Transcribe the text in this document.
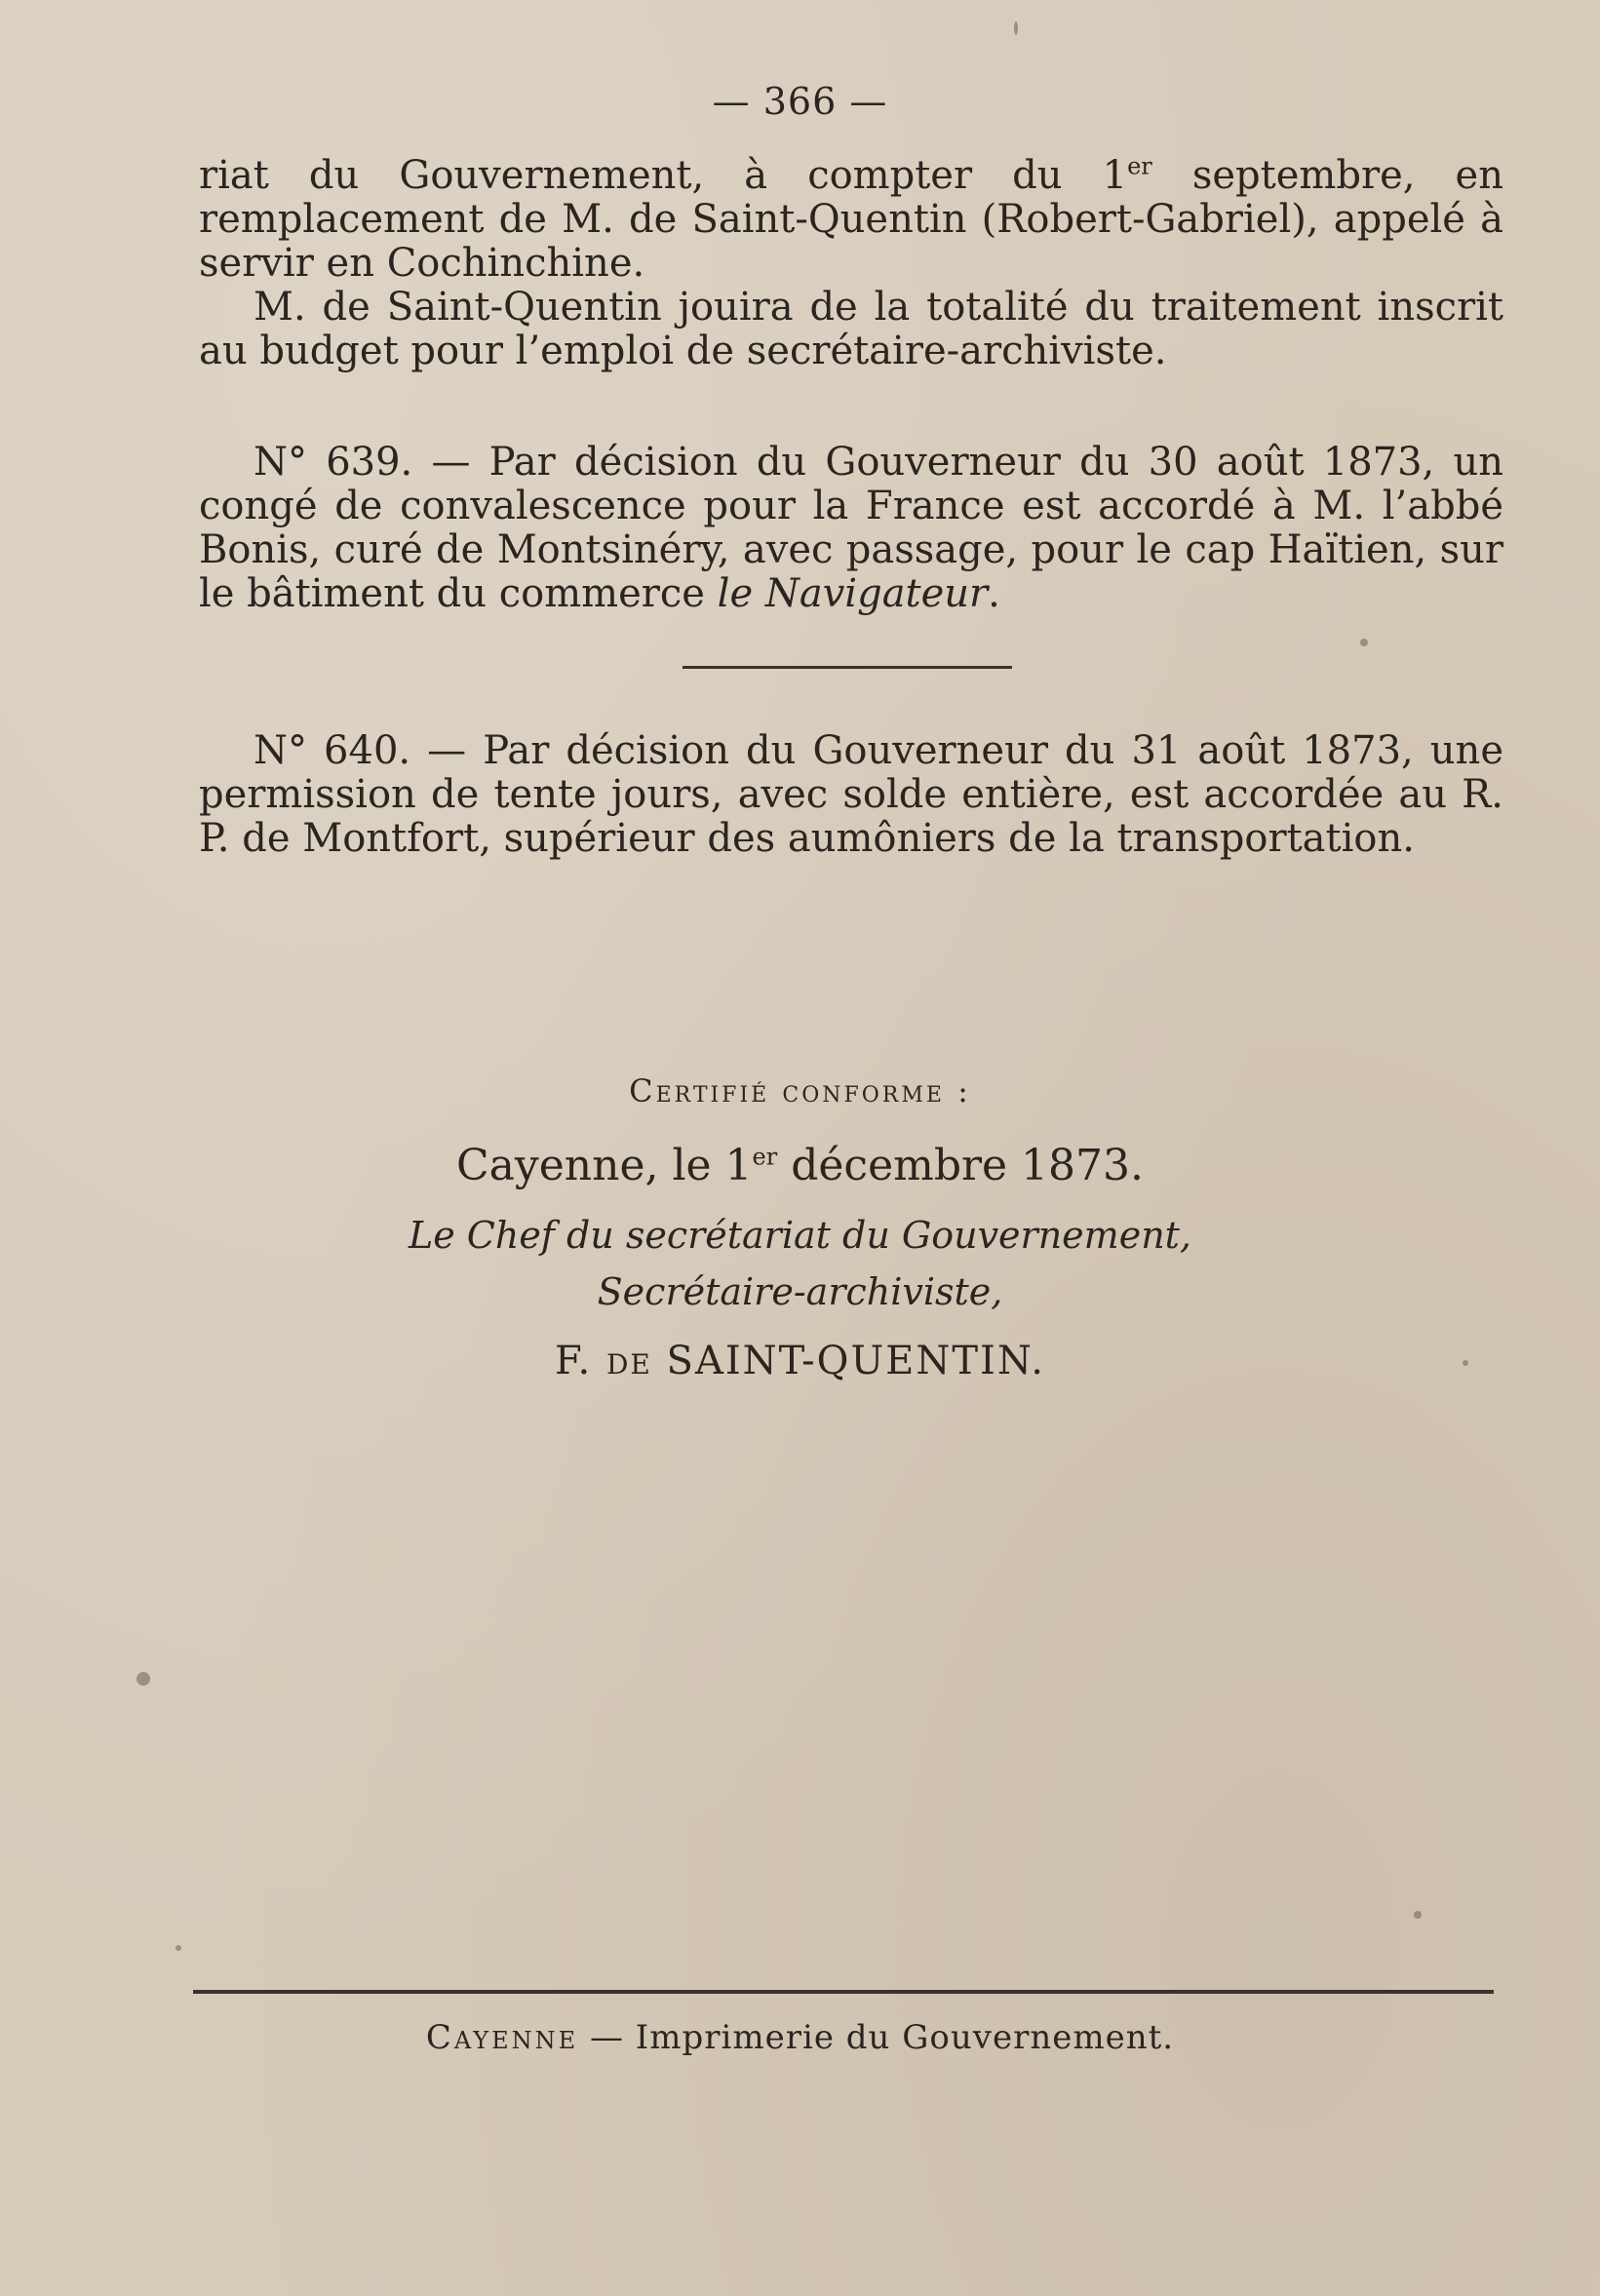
— 366 —

riat du Gouvernement, à compter du 1er septembre, en remplacement de M. de Saint-Quentin (Robert-Gabriel), appelé à servir en Cochinchine.

M. de Saint-Quentin jouira de la totalité du traitement inscrit au budget pour l’emploi de secrétaire-archiviste.

N° 639. — Par décision du Gouverneur du 30 août 1873, un congé de convalescence pour la France est accordé à M. l’abbé Bonis, curé de Montsinéry, avec passage, pour le cap Haïtien, sur le bâtiment du commerce le Navigateur.

N° 640. — Par décision du Gouverneur du 31 août 1873, une permission de tente jours, avec solde entière, est accordée au R. P. de Montfort, supérieur des aumôniers de la transportation.

Certifié conforme :
Cayenne, le 1er décembre 1873.
Le Chef du secrétariat du Gouvernement,
Secrétaire-archiviste,
F. DE SAINT-QUENTIN.
Cayenne — Imprimerie du Gouvernement.
